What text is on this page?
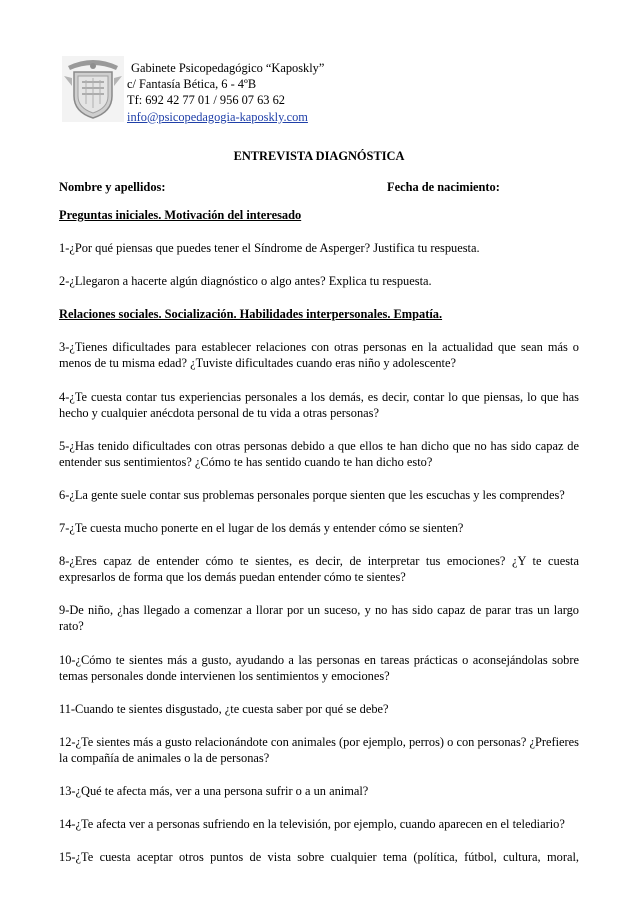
Gabinete Psicopedagógico “Kaposkly”
c/ Fantasía Bética, 6 - 4ºB
Tf: 692 42 77 01 / 956 07 63 62
info@psicopedagogia-kaposkly.com
ENTREVISTA DIAGNÓSTICA
Nombre y apellidos:	Fecha de nacimiento:
Preguntas iniciales. Motivación del interesado
1-¿Por qué piensas que puedes tener el Síndrome de Asperger? Justifica tu respuesta.
2-¿Llegaron a hacerte algún diagnóstico o algo antes? Explica tu respuesta.
Relaciones sociales. Socialización. Habilidades interpersonales. Empatía.
3-¿Tienes dificultades para establecer relaciones con otras personas en la actualidad que sean más o menos de tu misma edad? ¿Tuviste dificultades cuando eras niño y adolescente?
4-¿Te cuesta contar tus experiencias personales a los demás, es decir, contar lo que piensas, lo que has hecho y cualquier anécdota personal de tu vida a otras personas?
5-¿Has tenido dificultades con otras personas debido a que ellos te han dicho que no has sido capaz de entender sus sentimientos? ¿Cómo te has sentido cuando te han dicho esto?
6-¿La gente suele contar sus problemas personales porque sienten que les escuchas y les comprendes?
7-¿Te cuesta mucho ponerte en el lugar de los demás y entender cómo se sienten?
8-¿Eres capaz de entender cómo te sientes, es decir, de interpretar tus emociones? ¿Y te cuesta expresarlos de forma que los demás puedan entender cómo te sientes?
9-De niño, ¿has llegado a comenzar a llorar por un suceso, y no has sido capaz de parar tras un largo rato?
10-¿Cómo te sientes más a gusto, ayudando a las personas en tareas prácticas o aconsejándolas sobre temas personales donde intervienen los sentimientos y emociones?
11-Cuando te sientes disgustado, ¿te cuesta saber por qué se debe?
12-¿Te sientes más a gusto relacionándote con animales (por ejemplo, perros) o con personas? ¿Prefieres la compañía de animales o la de personas?
13-¿Qué te afecta más, ver a una persona sufrir o a un animal?
14-¿Te afecta ver a personas sufriendo en la televisión, por ejemplo, cuando aparecen en el telediario?
15-¿Te cuesta aceptar otros puntos de vista sobre cualquier tema (política, fútbol, cultura, moral,
